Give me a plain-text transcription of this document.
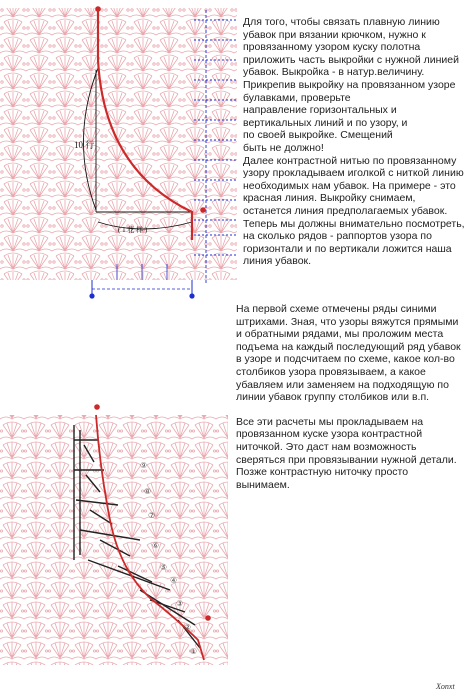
10 行
( 1 花 样 )
⑨
⑧
⑦
⑥
⑤
④
③
②
①

Для того, чтобы связать плавную линию убавок при вязании крючком, нужно к провязанному узором куску полотна приложить часть выкройки с нужной линией убавок. Выкройка - в натур.величину.

Прикрепив выкройку на провязанном узоре булавками, проверьте
направление горизонтальных и
вертикальных линий и по узору, и
по своей выкройке. Смещений
быть не должно!

Далее контрастной нитью по провязанному узору прокладываем иголкой с ниткой линию необходимых нам убавок. На примере - это красная линия. Выкройку снимаем, останется линия предполагаемых убавок.

Теперь мы должны внимательно посмотреть, на сколько рядов - раппортов узора по горизонтали и по вертикали ложится наша линия убавок.

На первой схеме отмечены ряды синими штрихами. Зная, что узоры вяжутся прямыми и обратными рядами, мы проложим места подъема на каждый последующий ряд убавок в узоре и подсчитаем по схеме, какое кол-во столбиков узора провязываем, а какое убавляем или заменяем на подходящую по линии убавок группу столбиков или в.п.

Все эти расчеты мы прокладываем на провязанном куске узора контрастной ниточкой. Это даст нам возможность сверяться при провязывании нужной детали.

Позже контрастную ниточку просто вынимаем.

Xonxt
